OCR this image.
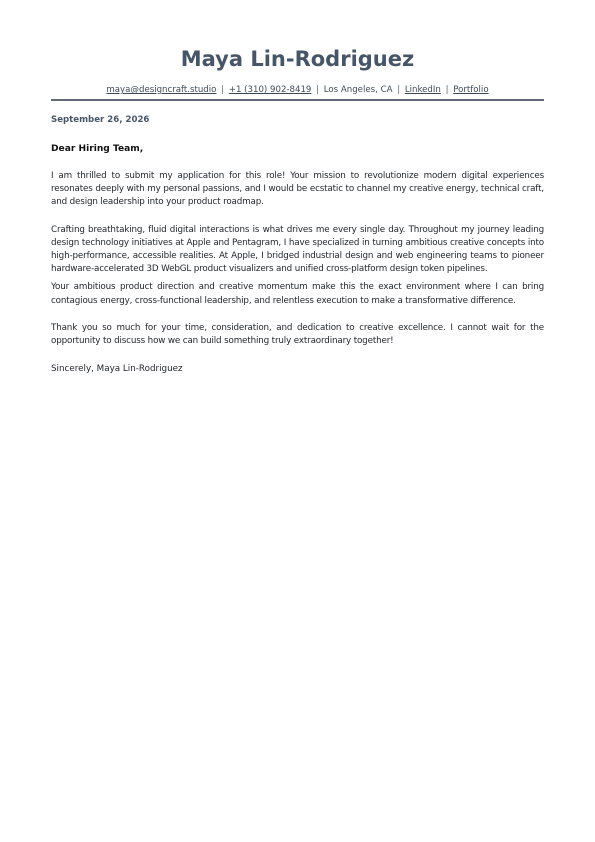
Maya Lin-Rodriguez
maya@designcraft.studio | +1 (310) 902-8419 | Los Angeles, CA | LinkedIn | Portfolio
September 26, 2026
Dear Hiring Team,

I am thrilled to submit my application for this role! Your mission to revolutionize modern digital experiences resonates deeply with my personal passions, and I would be ecstatic to channel my creative energy, technical craft, and design leadership into your product roadmap.

Crafting breathtaking, fluid digital interactions is what drives me every single day. Throughout my journey leading design technology initiatives at Apple and Pentagram, I have specialized in turning ambitious creative concepts into high-performance, accessible realities. At Apple, I bridged industrial design and web engineering teams to pioneer hardware-accelerated 3D WebGL product visualizers and unified cross-platform design token pipelines.

Your ambitious product direction and creative momentum make this the exact environment where I can bring contagious energy, cross-functional leadership, and relentless execution to make a transformative difference.

Thank you so much for your time, consideration, and dedication to creative excellence. I cannot wait for the opportunity to discuss how we can build something truly extraordinary together!

Sincerely, Maya Lin-Rodriguez
